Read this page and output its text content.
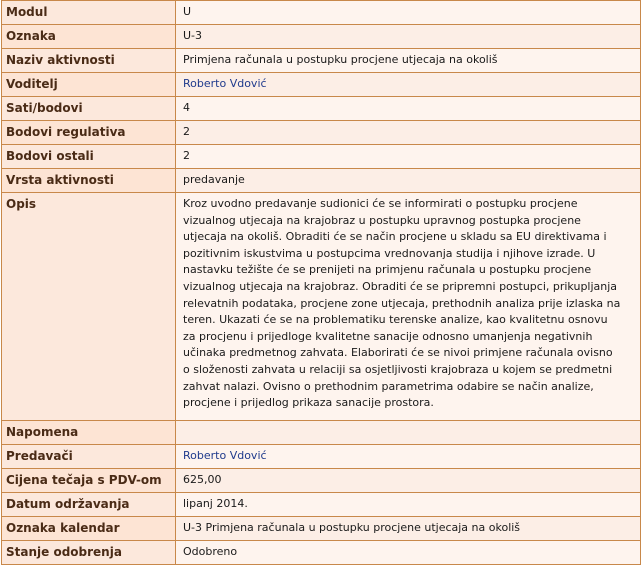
Modul	U
Oznaka	U-3
Naziv aktivnosti	Primjena računala u postupku procjene utjecaja na okoliš
Voditelj	Roberto Vdović
Sati/bodovi	4
Bodovi regulativa	2
Bodovi ostali	2
Vrsta aktivnosti	predavanje
Opis	Kroz uvodno predavanje sudionici će se informirati o postupku procjene vizualnog utjecaja na krajobraz u postupku upravnog postupka procjene utjecaja na okoliš. Obraditi će se način procjene u skladu sa EU direktivama i pozitivnim iskustvima u postupcima vrednovanja studija i njihove izrade. U nastavku težište će se prenijeti na primjenu računala u postupku procjene vizualnog utjecaja na krajobraz. Obraditi će se pripremni postupci, prikupljanja relevatnih podataka, procjene zone utjecaja, prethodnih analiza prije izlaska na teren. Ukazati će se na problematiku terenske analize, kao kvalitetnu osnovu za procjenu i prijedloge kvalitetne sanacije odnosno umanjenja negativnih učinaka predmetnog zahvata. Elaborirati će se nivoi primjene računala ovisno o složenosti zahvata u relaciji sa osjetljivosti krajobraza u kojem se predmetni zahvat nalazi. Ovisno o prethodnim parametrima odabire se način analize, procjene i prijedlog prikaza sanacije prostora.
Napomena	
Predavači	Roberto Vdović
Cijena tečaja s PDV-om	625,00
Datum održavanja	lipanj 2014.
Oznaka kalendar	U-3 Primjena računala u postupku procjene utjecaja na okoliš
Stanje odobrenja	Odobreno
